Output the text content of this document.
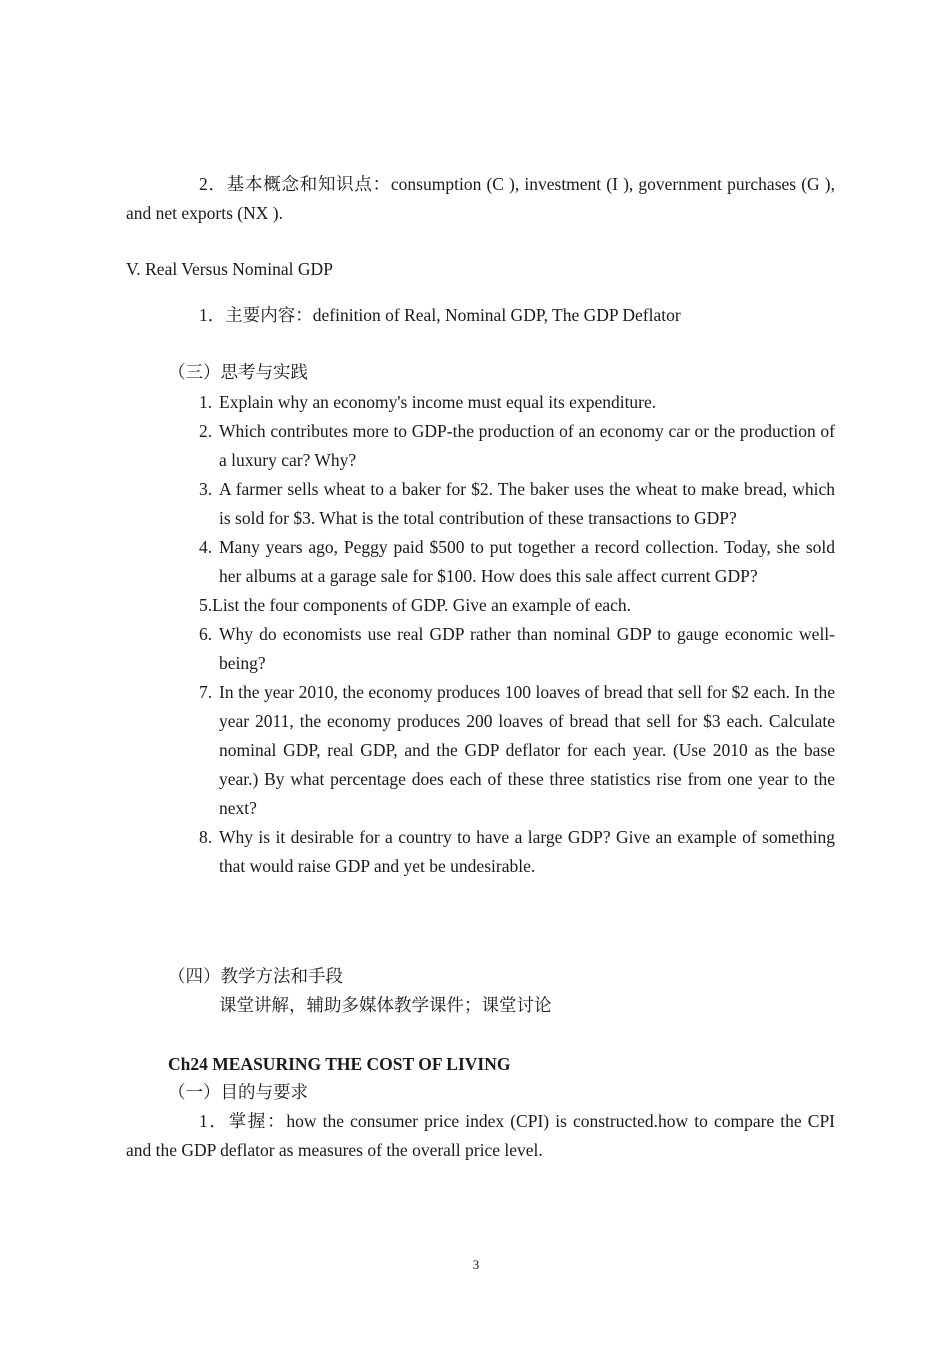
2．基本概念和知识点：consumption (C ), investment (I ), government purchases (G ), and net exports (NX ).

V. Real Versus Nominal GDP
1．主要内容：definition of Real, Nominal GDP, The GDP Deflator
（三）思考与实践
1. Explain why an economy's income must equal its expenditure.
2. Which contributes more to GDP-the production of an economy car or the production of a luxury car? Why?
3. A farmer sells wheat to a baker for $2. The baker uses the wheat to make bread, which is sold for $3. What is the total contribution of these transactions to GDP?
4. Many years ago, Peggy paid $500 to put together a record collection. Today, she sold her albums at a garage sale for $100. How does this sale affect current GDP?
5. List the four components of GDP. Give an example of each.
6. Why do economists use real GDP rather than nominal GDP to gauge economic well-being?
7. In the year 2010, the economy produces 100 loaves of bread that sell for $2 each. In the year 2011, the economy produces 200 loaves of bread that sell for $3 each. Calculate nominal GDP, real GDP, and the GDP deflator for each year. (Use 2010 as the base year.) By what percentage does each of these three statistics rise from one year to the next?
8. Why is it desirable for a country to have a large GDP? Give an example of something that would raise GDP and yet be undesirable.
（四）教学方法和手段
课堂讲解，辅助多媒体教学课件；课堂讨论
Ch24 MEASURING THE COST OF LIVING
（一）目的与要求

1．掌握：how the consumer price index (CPI) is constructed.how to compare the CPI and the GDP deflator as measures of the overall price level.

3
